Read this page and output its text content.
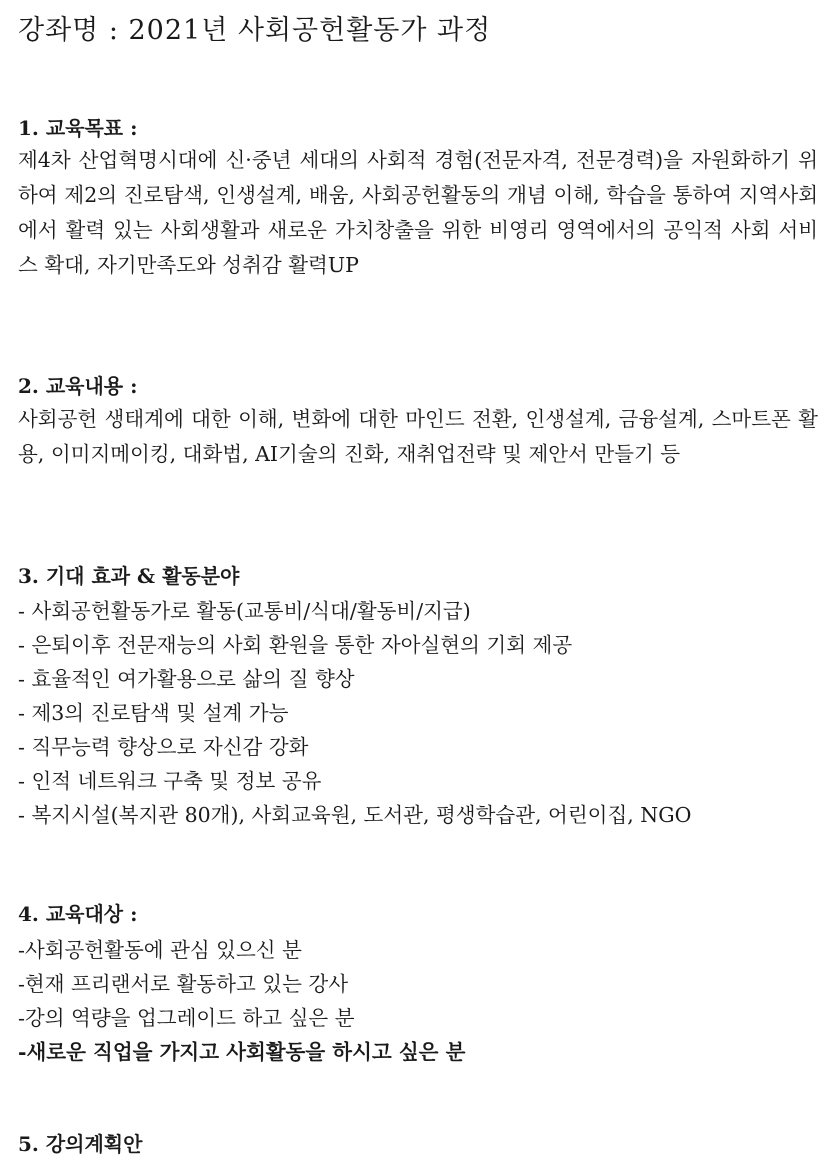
강좌명 : 2021년 사회공헌활동가 과정
1. 교육목표 :
제4차 산업혁명시대에 신·중년 세대의 사회적 경험(전문자격, 전문경력)을 자원화하기 위하여 제2의 진로탐색, 인생설계, 배움, 사회공헌활동의 개념 이해, 학습을 통하여 지역사회에서 활력 있는 사회생활과 새로운 가치창출을 위한 비영리 영역에서의 공익적 사회 서비스 확대, 자기만족도와 성취감 활력UP
2. 교육내용 :
사회공헌 생태계에 대한 이해, 변화에 대한 마인드 전환, 인생설계, 금융설계, 스마트폰 활용, 이미지메이킹, 대화법, AI기술의 진화, 재취업전략 및 제안서 만들기 등
3. 기대 효과 & 활동분야
- 사회공헌활동가로 활동(교통비/식대/활동비/지급)
- 은퇴이후 전문재능의 사회 환원을 통한 자아실현의 기회 제공
- 효율적인 여가활용으로 삶의 질 향상
- 제3의 진로탐색 및 설계 가능
- 직무능력 향상으로 자신감 강화
- 인적 네트워크 구축 및 정보 공유
- 복지시설(복지관 80개), 사회교육원, 도서관, 평생학습관, 어린이집, NGO
4. 교육대상 :
-사회공헌활동에 관심 있으신 분
-현재 프리랜서로 활동하고 있는 강사
-강의 역량을 업그레이드 하고 싶은 분
-새로운 직업을 가지고 사회활동을 하시고 싶은 분
5. 강의계획안
